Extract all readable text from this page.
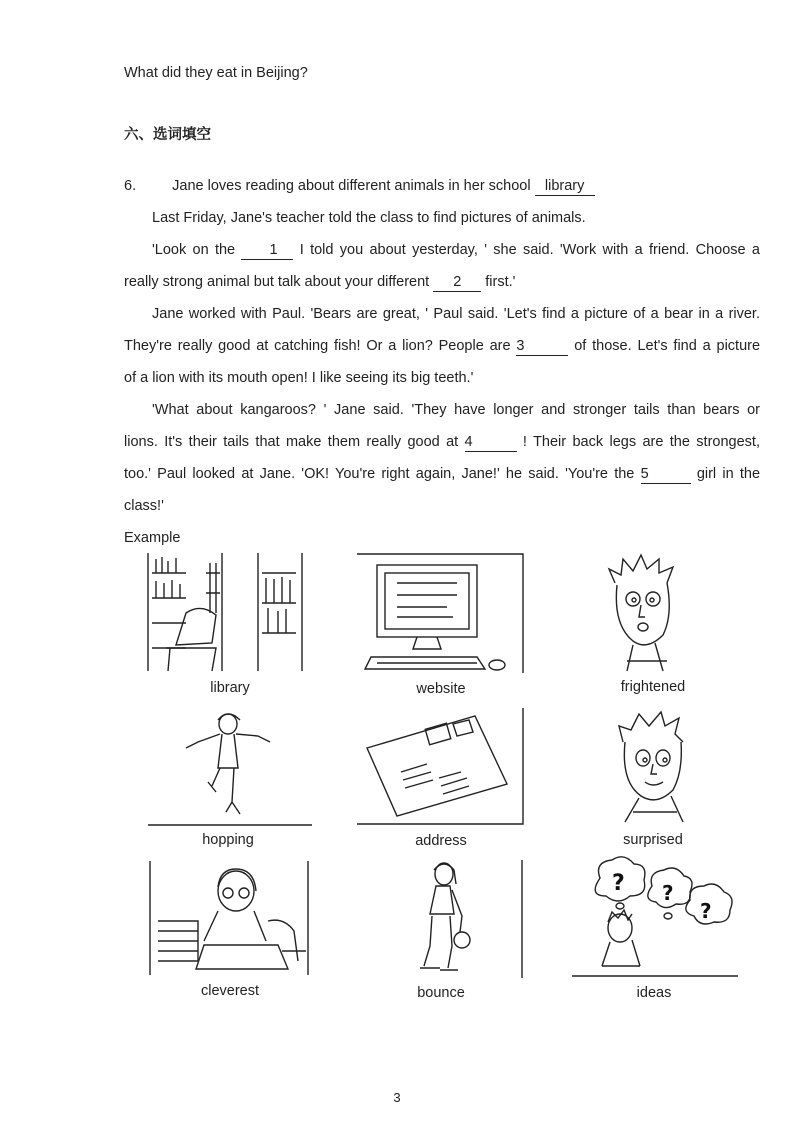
What did they eat in Beijing?
六、选词填空
6. Jane loves reading about different animals in her school library
Last Friday, Jane's teacher told the class to find pictures of animals.
'Look on the 1 I told you about yesterday, ' she said. 'Work with a friend. Choose a
really strong animal but talk about your different 2 first.'
Jane worked with Paul. 'Bears are great, ' Paul said. 'Let's find a picture of a bear in a river.
They're really good at catching fish! Or a lion? People are 3	of those. Let's find a picture
of a lion with its mouth open! I like seeing its big teeth.'
'What about kangaroos? ' Jane said. 'They have longer and stronger tails than bears or
lions. It's their tails that make them really good at 4	! Their back legs are the strongest,
too.' Paul looked at Jane. 'OK! You're right again, Jane!' he said. 'You're the 5	girl in the
class!'
Example
library	website	frightened
hopping	address	surprised
cleverest	bounce
? ?
?
ideas
3
